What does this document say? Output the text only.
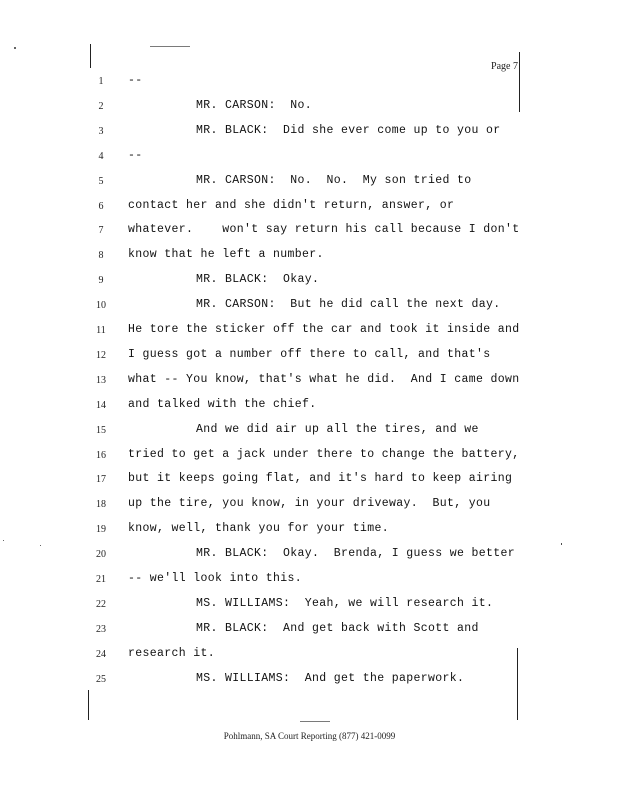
Page 7
1	--
2	MR. CARSON:  No.
3	MR. BLACK:  Did she ever come up to you or
4	--
5	MR. CARSON:  No.  No.  My son tried to
6	contact her and she didn't return, answer, or
7	whatever.    won't say return his call because I don't
8	know that he left a number.
9	MR. BLACK:  Okay.
10	MR. CARSON:  But he did call the next day.
11	He tore the sticker off the car and took it inside and
12	I guess got a number off there to call, and that's
13	what -- You know, that's what he did.  And I came down
14	and talked with the chief.
15	And we did air up all the tires, and we
16	tried to get a jack under there to change the battery,
17	but it keeps going flat, and it's hard to keep airing
18	up the tire, you know, in your driveway.  But, you
19	know, well, thank you for your time.
20	MR. BLACK:  Okay.  Brenda, I guess we better
21	-- we'll look into this.
22	MS. WILLIAMS:  Yeah, we will research it.
23	MR. BLACK:  And get back with Scott and
24	research it.
25	MS. WILLIAMS:  And get the paperwork.
Pohlmann, SA Court Reporting (877) 421-0099
